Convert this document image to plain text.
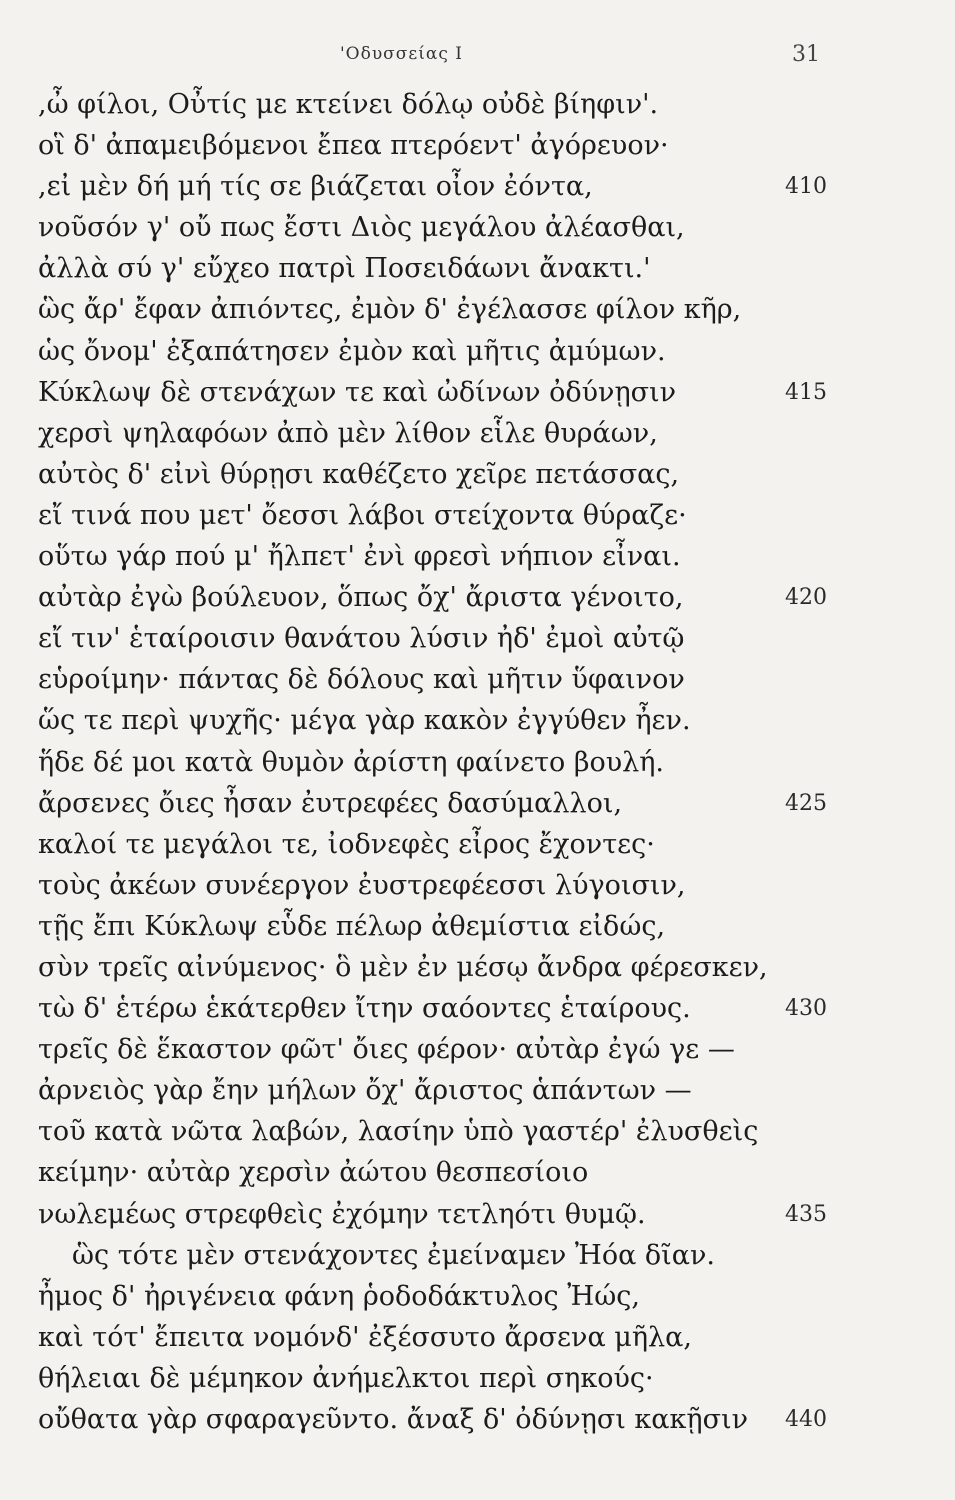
'Οδυσσείας Ι	31
,ὦ φίλοι, Οὖτίς με κτείνει δόλῳ οὐδὲ βίηφιν'.
οἳ δ' ἀπαμειβόμενοι ἔπεα πτερόεντ' ἀγόρευον·
,εἰ μὲν δή μή τίς σε βιάζεται οἶον ἐόντα,	410
νοῦσόν γ' οὔ πως ἔστι Διὸς μεγάλου ἀλέασθαι,
ἀλλὰ σύ γ' εὔχεο πατρὶ Ποσειδάωνι ἄνακτι.'
ὣς ἄρ' ἔφαν ἀπιόντες, ἐμὸν δ' ἐγέλασσε φίλον κῆρ,
ὡς ὄνομ' ἐξαπάτησεν ἐμὸν καὶ μῆτις ἀμύμων.
Κύκλωψ δὲ στενάχων τε καὶ ὠδίνων ὀδύνῃσιν	415
χερσὶ ψηλαφόων ἀπὸ μὲν λίθον εἷλε θυράων,
αὐτὸς δ' εἰνὶ θύρῃσι καθέζετο χεῖρε πετάσσας,
εἴ τινά που μετ' ὄεσσι λάβοι στείχοντα θύραζε·
οὕτω γάρ πού μ' ἤλπετ' ἐνὶ φρεσὶ νήπιον εἶναι.
αὐτὰρ ἐγὼ βούλευον, ὅπως ὄχ' ἄριστα γένοιτο,	420
εἴ τιν' ἑταίροισιν θανάτου λύσιν ἠδ' ἐμοὶ αὐτῷ
εὑροίμην· πάντας δὲ δόλους καὶ μῆτιν ὕφαινον
ὥς τε περὶ ψυχῆς· μέγα γὰρ κακὸν ἐγγύθεν ἦεν.
ἥδε δέ μοι κατὰ θυμὸν ἀρίστη φαίνετο βουλή.
ἄρσενες ὄιες ἦσαν ἐυτρεφέες δασύμαλλοι,	425
καλοί τε μεγάλοι τε, ἰοδνεφὲς εἶρος ἔχοντες·
τοὺς ἀκέων συνέεργον ἐυστρεφέεσσι λύγοισιν,
τῇς ἔπι Κύκλωψ εὗδε πέλωρ ἀθεμίστια εἰδώς,
σὺν τρεῖς αἰνύμενος· ὃ μὲν ἐν μέσῳ ἄνδρα φέρεσκεν,
τὼ δ' ἑτέρω ἑκάτερθεν ἴτην σαόοντες ἑταίρους.	430
τρεῖς δὲ ἕκαστον φῶτ' ὄιες φέρον· αὐτὰρ ἐγώ γε —
ἀρνειὸς γὰρ ἔην μήλων ὄχ' ἄριστος ἁπάντων —
τοῦ κατὰ νῶτα λαβών, λασίην ὑπὸ γαστέρ' ἐλυσθεὶς
κείμην· αὐτὰρ χερσὶν ἀώτου θεσπεσίοιο
νωλεμέως στρεφθεὶς ἐχόμην τετληότι θυμῷ.	435
ὣς τότε μὲν στενάχοντες ἐμείναμεν Ἠόα δῖαν.
ἦμος δ' ἠριγένεια φάνη ῥοδοδάκτυλος Ἠώς,
καὶ τότ' ἔπειτα νομόνδ' ἐξέσσυτο ἄρσενα μῆλα,
θήλειαι δὲ μέμηκον ἀνήμελκτοι περὶ σηκούς·
οὔθατα γὰρ σφαραγεῦντο. ἄναξ δ' ὀδύνῃσι κακῇσιν 440
